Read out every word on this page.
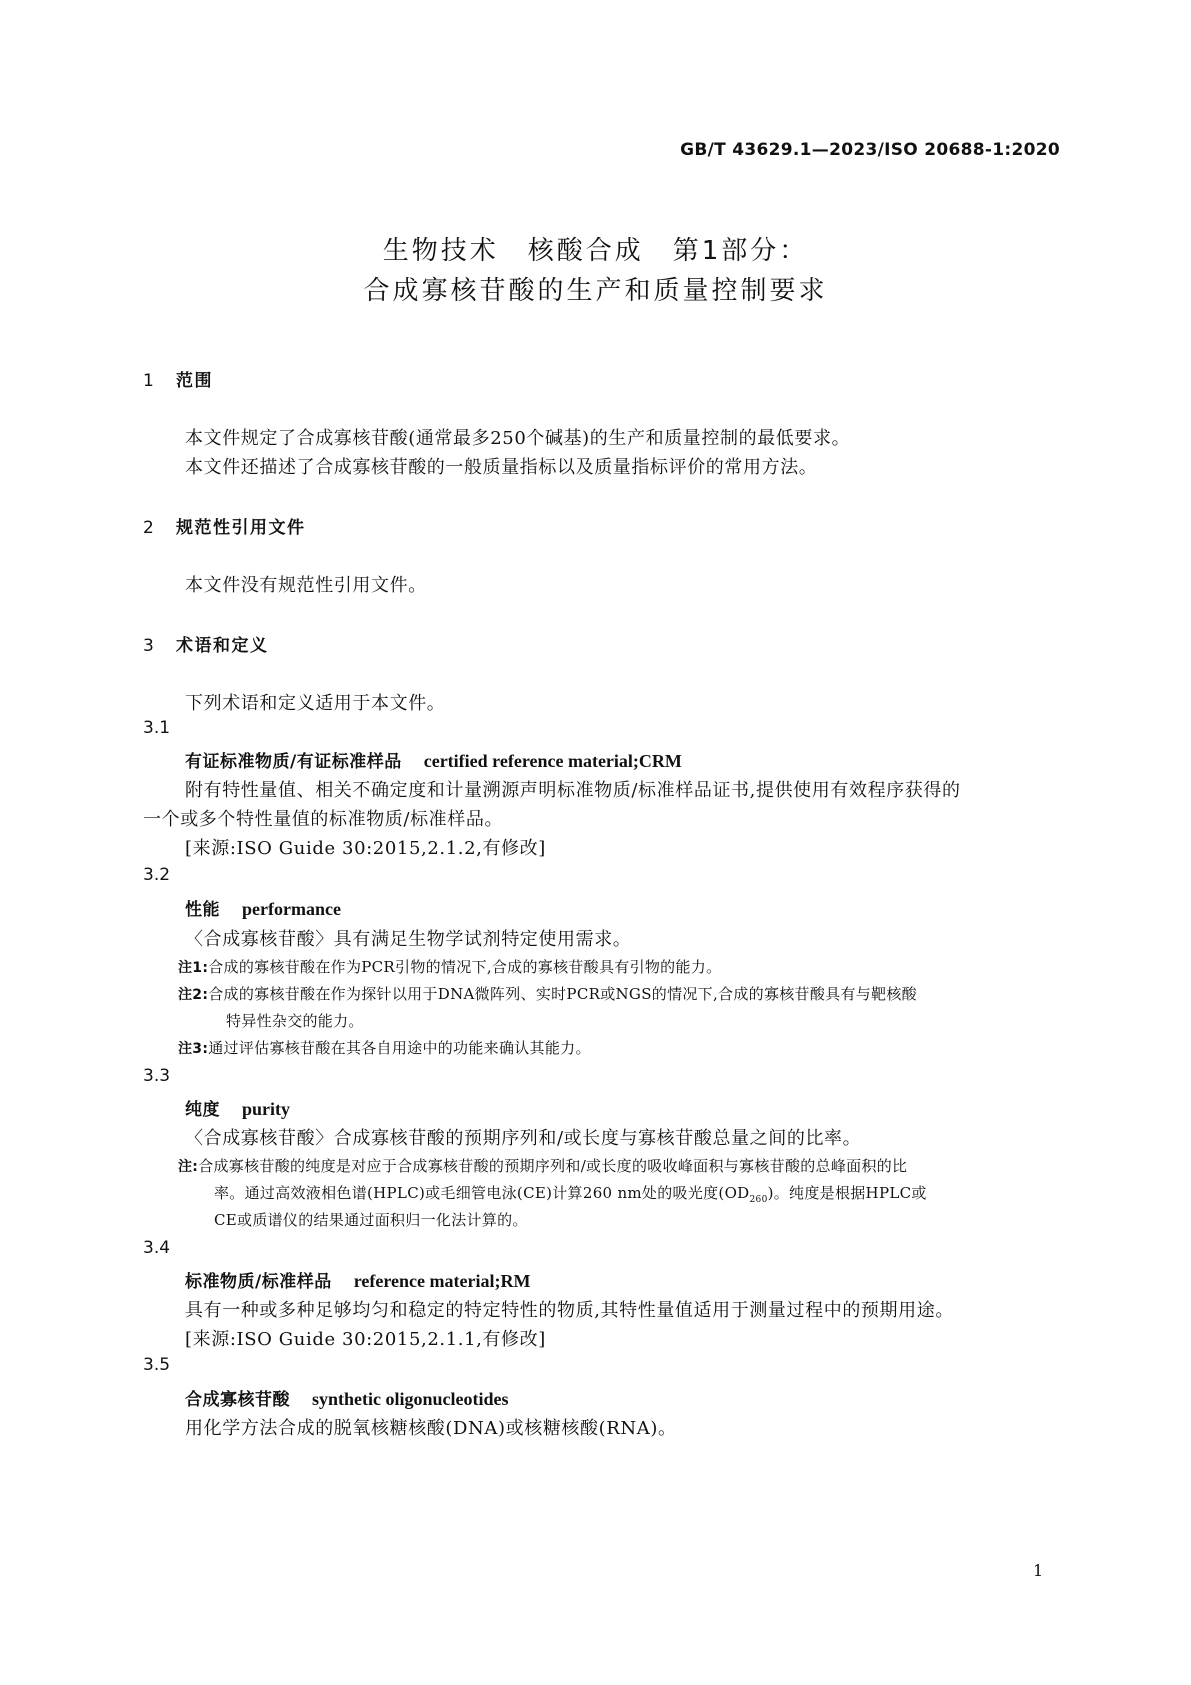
GB/T 43629.1—2023/ISO 20688-1:2020
生物技术　核酸合成　第1部分：
合成寡核苷酸的生产和质量控制要求
1 范围
本文件规定了合成寡核苷酸(通常最多250个碱基)的生产和质量控制的最低要求。
本文件还描述了合成寡核苷酸的一般质量指标以及质量指标评价的常用方法。
2 规范性引用文件
本文件没有规范性引用文件。
3 术语和定义
下列术语和定义适用于本文件。
3.1
有证标准物质/有证标准样品 certified reference material;CRM
附有特性量值、相关不确定度和计量溯源声明标准物质/标准样品证书,提供使用有效程序获得的
一个或多个特性量值的标准物质/标准样品。
[来源:ISO Guide 30:2015,2.1.2,有修改]
3.2
性能 performance
〈合成寡核苷酸〉具有满足生物学试剂特定使用需求。
注1:合成的寡核苷酸在作为PCR引物的情况下,合成的寡核苷酸具有引物的能力。
注2:合成的寡核苷酸在作为探针以用于DNA微阵列、实时PCR或NGS的情况下,合成的寡核苷酸具有与靶核酸
特异性杂交的能力。
注3:通过评估寡核苷酸在其各自用途中的功能来确认其能力。
3.3
纯度 purity
〈合成寡核苷酸〉合成寡核苷酸的预期序列和/或长度与寡核苷酸总量之间的比率。
注:合成寡核苷酸的纯度是对应于合成寡核苷酸的预期序列和/或长度的吸收峰面积与寡核苷酸的总峰面积的比
率。通过高效液相色谱(HPLC)或毛细管电泳(CE)计算260 nm处的吸光度$(OD_{260})$。纯度是根据HPLC或
CE或质谱仪的结果通过面积归一化法计算的。
3.4
标准物质/标准样品 reference material;RM
具有一种或多种足够均匀和稳定的特定特性的物质,其特性量值适用于测量过程中的预期用途。
[来源:ISO Guide 30:2015,2.1.1,有修改]
3.5
合成寡核苷酸 synthetic oligonucleotides
用化学方法合成的脱氧核糖核酸(DNA)或核糖核酸(RNA)。
1
